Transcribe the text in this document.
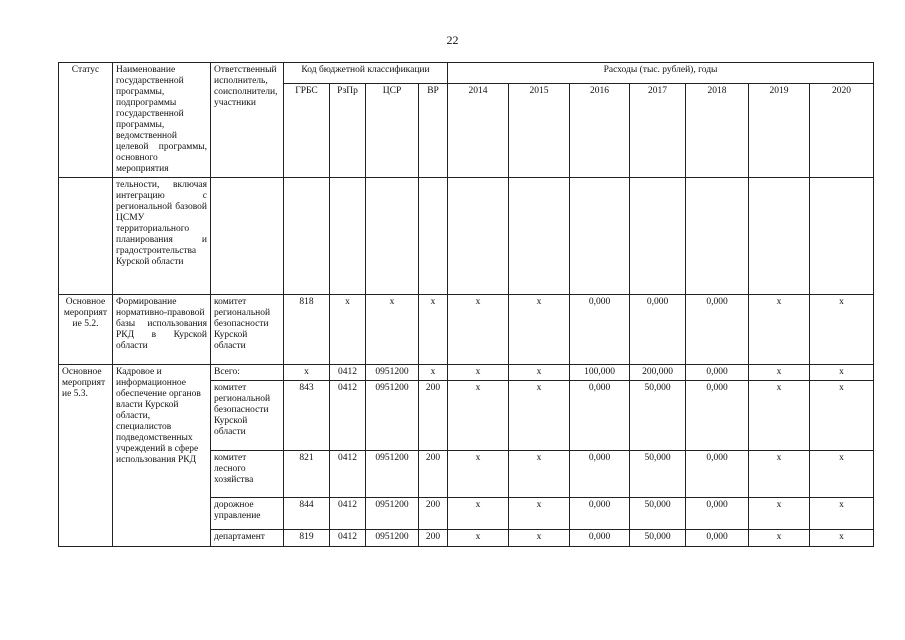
22
Статус	Наименование государственной программы, подпрограммы государственной программы, ведомственной целевой программы, основного мероприятия	Ответственный исполнитель, соисполнители, участники	Код бюджетной классификации				Расходы (тыс. рублей), годы						
			ГРБС	РзПр	ЦСР	ВР	2014	2015	2016	2017	2018	2019	2020
	тельности, включая интеграцию с региональной базовой ЦСМУ территориального планирования и градостроительства Курской области												
Основное мероприятие 5.2.	Формирование нормативно-правовой базы использования РКД в Курской области	комитет региональной безопасности Курской области	818	x	x	x	x	x	0,000	0,000	0,000	x	x
Основное мероприятие 5.3.	Кадровое и информационное обеспечение органов власти Курской области, специалистов подведомственных учреждений в сфере использования РКД	Всего:	x	0412	0951200	x	x	x	100,000	200,000	0,000	x	x
		комитет региональной безопасности Курской области	843	0412	0951200	200	x	x	0,000	50,000	0,000	x	x
		комитет лесного хозяйства	821	0412	0951200	200	x	x	0,000	50,000	0,000	x	x
		дорожное управление	844	0412	0951200	200	x	x	0,000	50,000	0,000	x	x
		департамент	819	0412	0951200	200	x	x	0,000	50,000	0,000	x	x
